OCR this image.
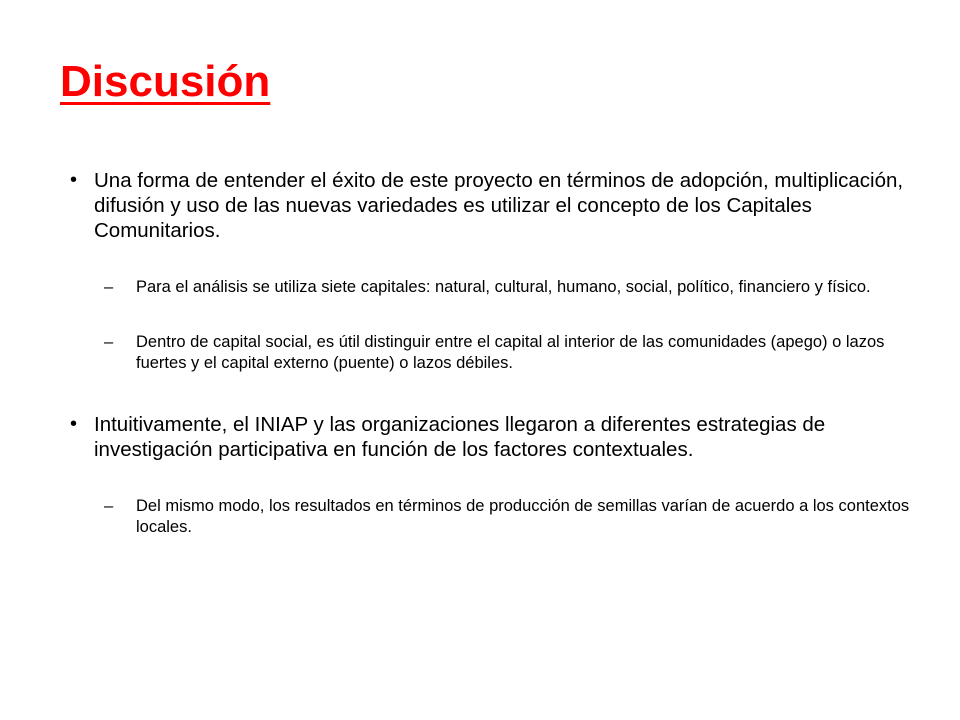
Discusión
• Una forma de entender el éxito de este proyecto en términos de adopción, multiplicación, difusión y uso de las nuevas variedades es utilizar el concepto de los Capitales Comunitarios.
– Para el análisis se utiliza siete capitales: natural, cultural, humano, social, político, financiero y físico.
– Dentro de capital social, es útil distinguir entre el capital al interior de las comunidades (apego) o lazos fuertes y el capital externo (puente) o lazos débiles.
• Intuitivamente, el INIAP y las organizaciones llegaron a diferentes estrategias de investigación participativa en función de los factores contextuales.
– Del mismo modo, los resultados en términos de producción de semillas varían de acuerdo a los contextos locales.
